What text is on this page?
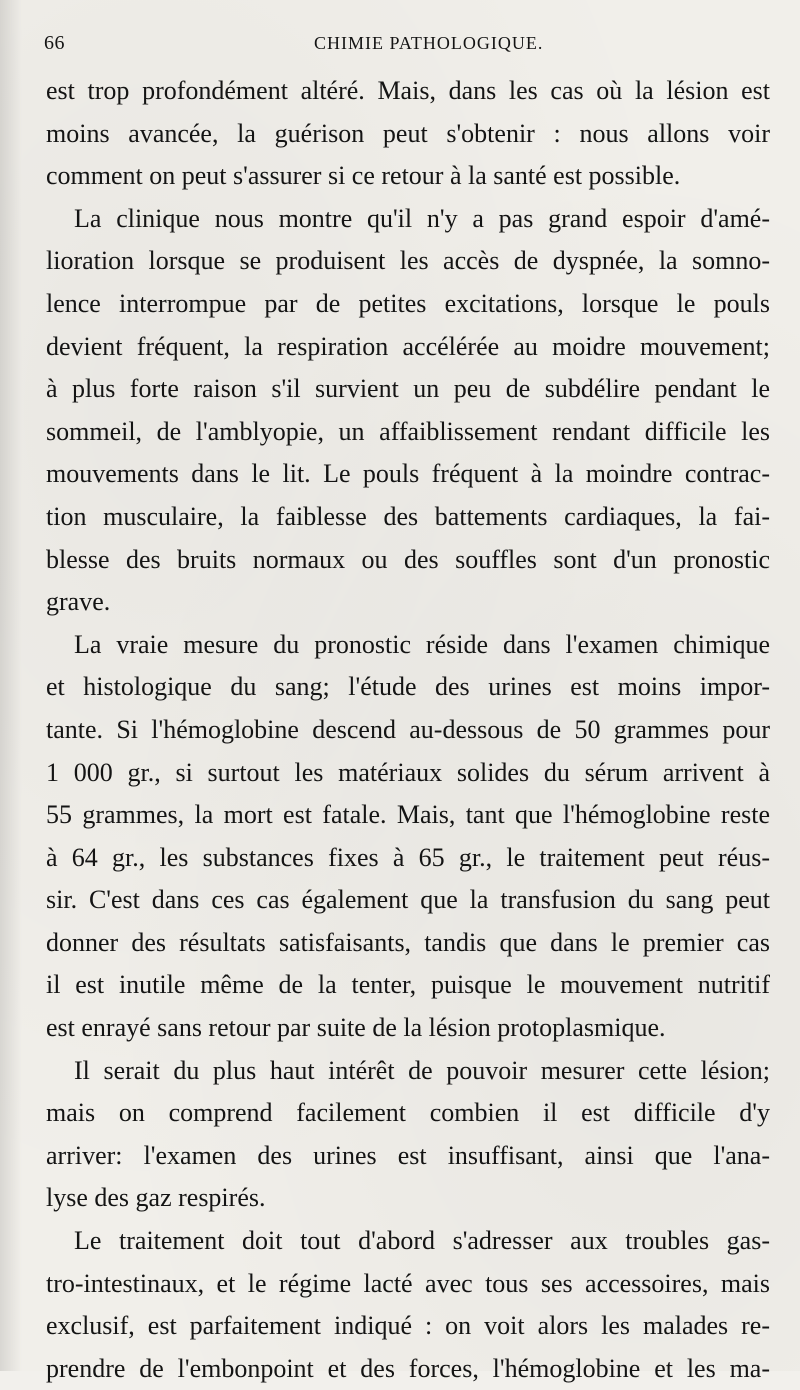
66	CHIMIE PATHOLOGIQUE.
est trop profondément altéré. Mais, dans les cas où la lésion est
moins avancée, la guérison peut s'obtenir : nous allons voir
comment on peut s'assurer si ce retour à la santé est possible.
La clinique nous montre qu'il n'y a pas grand espoir d'amé-
lioration lorsque se produisent les accès de dyspnée, la somno-
lence interrompue par de petites excitations, lorsque le pouls
devient fréquent, la respiration accélérée au moidre mouvement;
à plus forte raison s'il survient un peu de subdélire pendant le
sommeil, de l'amblyopie, un affaiblissement rendant difficile les
mouvements dans le lit. Le pouls fréquent à la moindre contrac-
tion musculaire, la faiblesse des battements cardiaques, la fai-
blesse des bruits normaux ou des souffles sont d'un pronostic
grave.
La vraie mesure du pronostic réside dans l'examen chimique
et histologique du sang; l'étude des urines est moins impor-
tante. Si l'hémoglobine descend au-dessous de 50 grammes pour
1 000 gr., si surtout les matériaux solides du sérum arrivent à
55 grammes, la mort est fatale. Mais, tant que l'hémoglobine reste
à 64 gr., les substances fixes à 65 gr., le traitement peut réus-
sir. C'est dans ces cas également que la transfusion du sang peut
donner des résultats satisfaisants, tandis que dans le premier cas
il est inutile même de la tenter, puisque le mouvement nutritif
est enrayé sans retour par suite de la lésion protoplasmique.
Il serait du plus haut intérêt de pouvoir mesurer cette lésion;
mais on comprend facilement combien il est difficile d'y
arriver: l'examen des urines est insuffisant, ainsi que l'ana-
lyse des gaz respirés.
Le traitement doit tout d'abord s'adresser aux troubles gas-
tro-intestinaux, et le régime lacté avec tous ses accessoires, mais
exclusif, est parfaitement indiqué : on voit alors les malades re-
prendre de l'embonpoint et des forces, l'hémoglobine et les ma-
